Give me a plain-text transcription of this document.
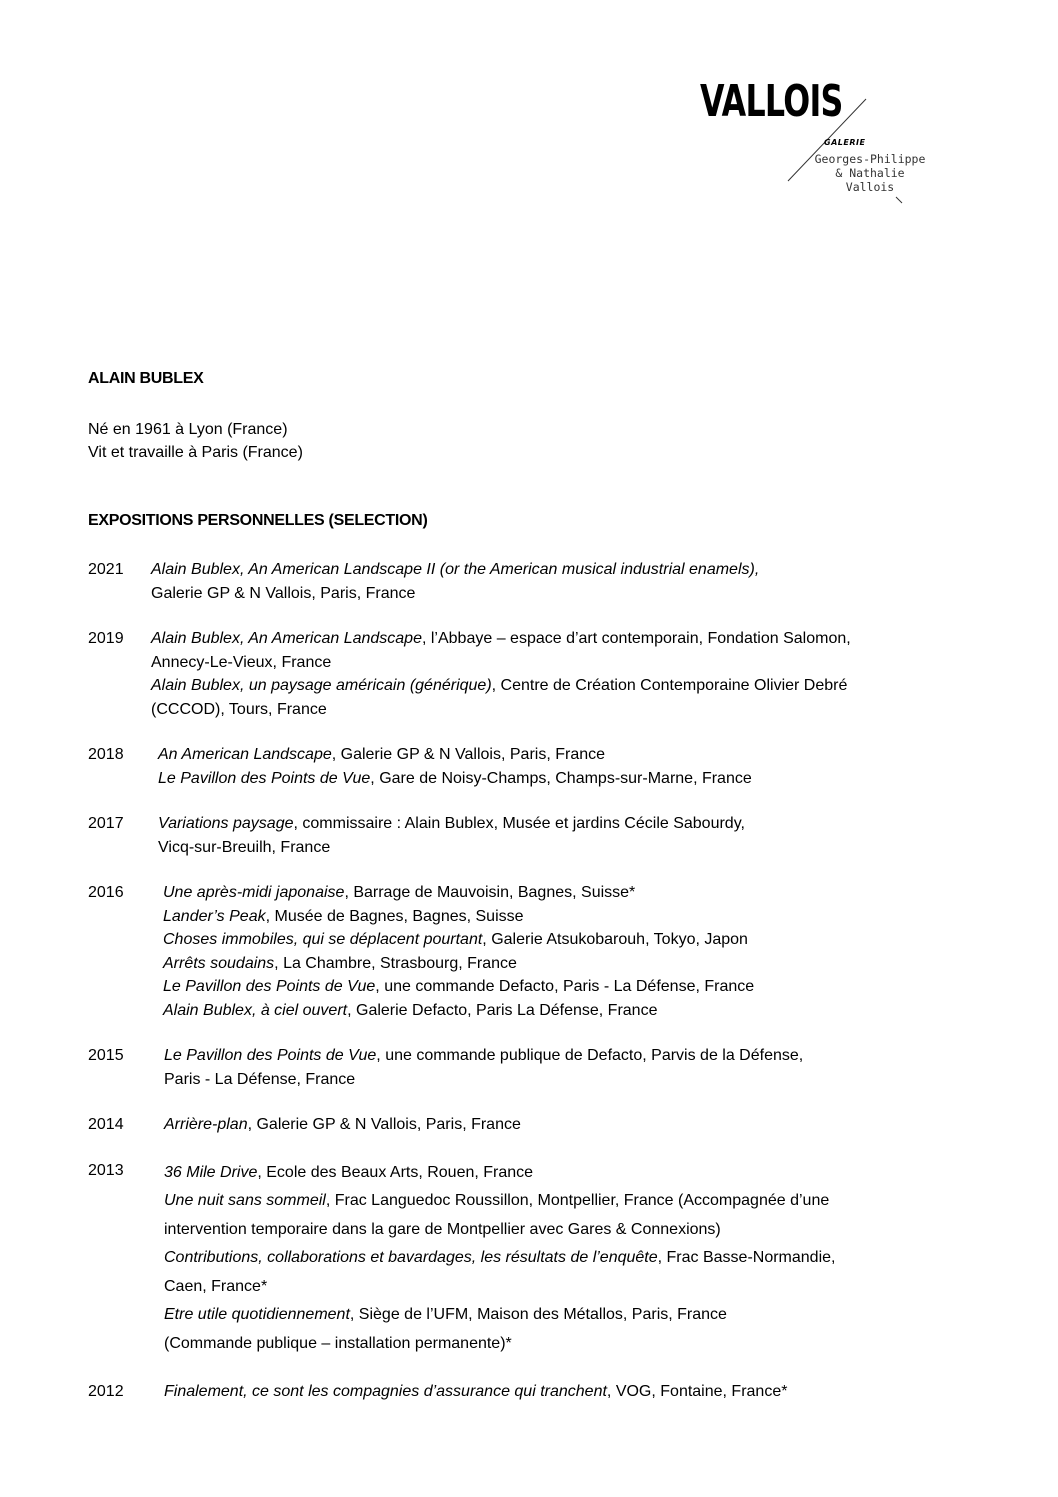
VALLOIS
GALERIE
Georges-Philippe
& Nathalie
Vallois
ALAIN BUBLEX
Né en 1961 à Lyon (France)
Vit et travaille à Paris (France)
EXPOSITIONS PERSONNELLES (SELECTION)
2021	Alain Bublex, An American Landscape II (or the American musical industrial enamels),
Galerie GP & N Vallois, Paris, France
2019	Alain Bublex, An American Landscape, l’Abbaye – espace d’art contemporain, Fondation Salomon,
Annecy-Le-Vieux, France
Alain Bublex, un paysage américain (générique), Centre de Création Contemporaine Olivier Debré
(CCCOD), Tours, France
2018	An American Landscape, Galerie GP & N Vallois, Paris, France
Le Pavillon des Points de Vue, Gare de Noisy-Champs, Champs-sur-Marne, France
2017	Variations paysage, commissaire : Alain Bublex, Musée et jardins Cécile Sabourdy,
Vicq-sur-Breuilh, France
2016	Une après-midi japonaise, Barrage de Mauvoisin, Bagnes, Suisse*
Lander’s Peak, Musée de Bagnes, Bagnes, Suisse
Choses immobiles, qui se déplacent pourtant, Galerie Atsukobarouh, Tokyo, Japon
Arrêts soudains, La Chambre, Strasbourg, France
Le Pavillon des Points de Vue, une commande Defacto, Paris - La Défense, France
Alain Bublex, à ciel ouvert, Galerie Defacto, Paris La Défense, France
2015	Le Pavillon des Points de Vue, une commande publique de Defacto, Parvis de la Défense,
Paris - La Défense, France
2014	Arrière-plan, Galerie GP & N Vallois, Paris, France
2013	36 Mile Drive, Ecole des Beaux Arts, Rouen, France
Une nuit sans sommeil, Frac Languedoc Roussillon, Montpellier, France (Accompagnée d’une
intervention temporaire dans la gare de Montpellier avec Gares & Connexions)
Contributions, collaborations et bavardages, les résultats de l’enquête, Frac Basse-Normandie,
Caen, France*
Etre utile quotidiennement, Siège de l’UFM, Maison des Métallos, Paris, France
(Commande publique – installation permanente)*
2012	Finalement, ce sont les compagnies d’assurance qui tranchent, VOG, Fontaine, France*
